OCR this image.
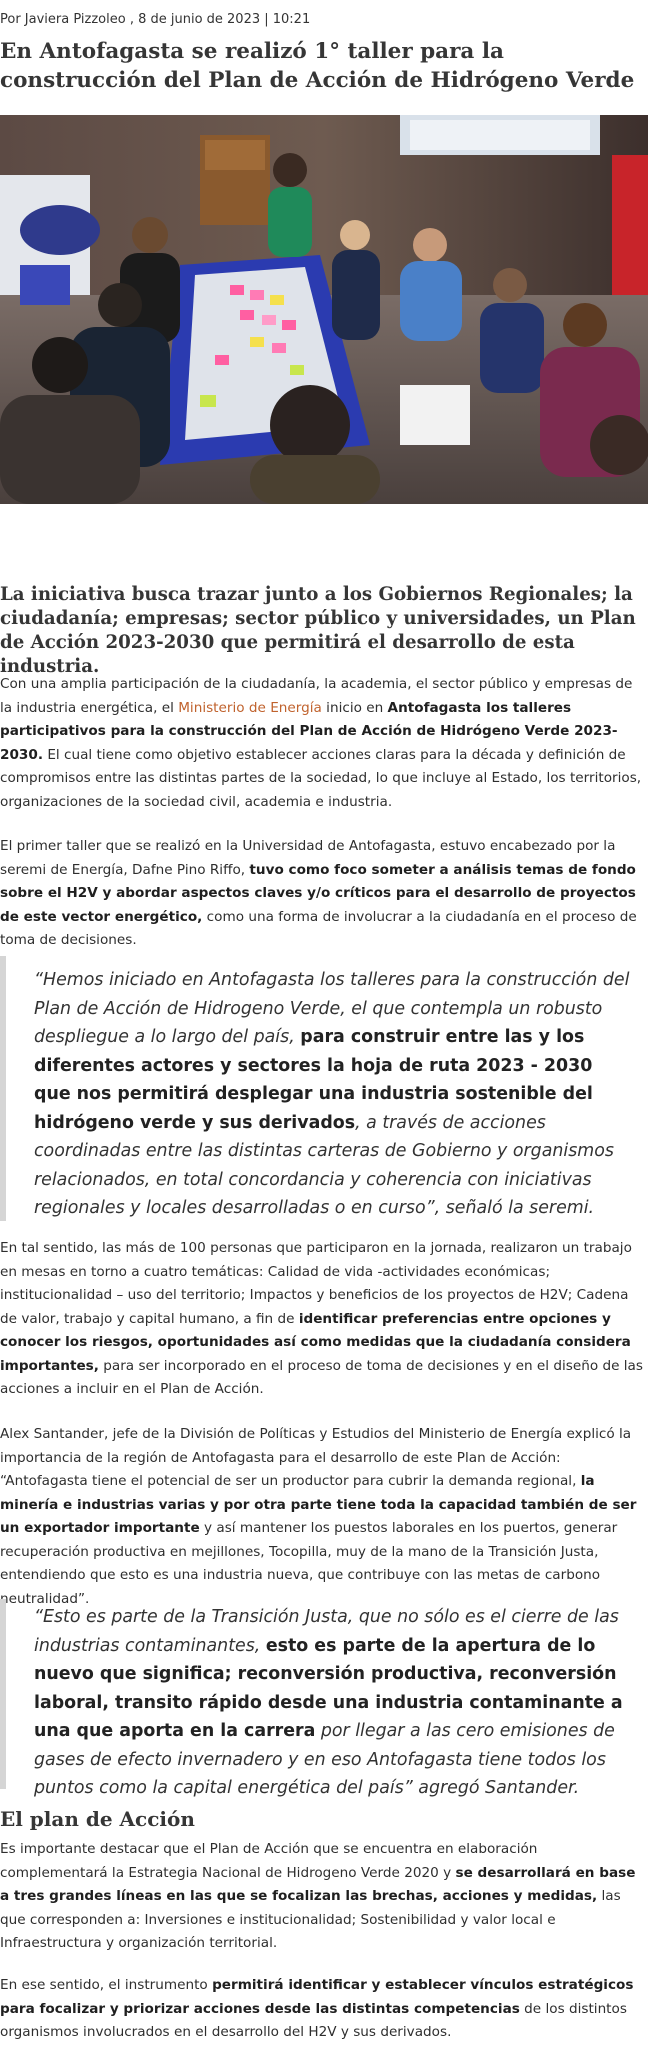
Por Javiera Pizzoleo , 8 de junio de 2023 | 10:21
En Antofagasta se realizó 1° taller para la construcción del Plan de Acción de Hidrógeno Verde
La iniciativa busca trazar junto a los Gobiernos Regionales; la ciudadanía; empresas; sector público y universidades, un Plan de Acción 2023-2030 que permitirá el desarrollo de esta industria.

Con una amplia participación de la ciudadanía, la academia, el sector público y empresas de la industria energética, el Ministerio de Energía inicio en Antofagasta los talleres participativos para la construcción del Plan de Acción de Hidrógeno Verde 2023-2030. El cual tiene como objetivo establecer acciones claras para la década y definición de compromisos entre las distintas partes de la sociedad, lo que incluye al Estado, los territorios, organizaciones de la sociedad civil, academia e industria.

El primer taller que se realizó en la Universidad de Antofagasta, estuvo encabezado por la seremi de Energía, Dafne Pino Riffo, tuvo como foco someter a análisis temas de fondo sobre el H2V y abordar aspectos claves y/o críticos para el desarrollo de proyectos de este vector energético, como una forma de involucrar a la ciudadanía en el proceso de toma de decisiones.

“Hemos iniciado en Antofagasta los talleres para la construcción del Plan de Acción de Hidrogeno Verde, el que contempla un robusto despliegue a lo largo del país, para construir entre las y los diferentes actores y sectores la hoja de ruta 2023 - 2030 que nos permitirá desplegar una industria sostenible del hidrógeno verde y sus derivados, a través de acciones coordinadas entre las distintas carteras de Gobierno y organismos relacionados, en total concordancia y coherencia con iniciativas regionales y locales desarrolladas o en curso”, señaló la seremi.

En tal sentido, las más de 100 personas que participaron en la jornada, realizaron un trabajo en mesas en torno a cuatro temáticas: Calidad de vida -actividades económicas; institucionalidad – uso del territorio; Impactos y beneficios de los proyectos de H2V; Cadena de valor, trabajo y capital humano, a fin de identificar preferencias entre opciones y conocer los riesgos, oportunidades así como medidas que la ciudadanía considera importantes, para ser incorporado en el proceso de toma de decisiones y en el diseño de las acciones a incluir en el Plan de Acción.

Alex Santander, jefe de la División de Políticas y Estudios del Ministerio de Energía explicó la importancia de la región de Antofagasta para el desarrollo de este Plan de Acción: “Antofagasta tiene el potencial de ser un productor para cubrir la demanda regional, la minería e industrias varias y por otra parte tiene toda la capacidad también de ser un exportador importante y así mantener los puestos laborales en los puertos, generar recuperación productiva en mejillones, Tocopilla, muy de la mano de la Transición Justa, entendiendo que esto es una industria nueva, que contribuye con las metas de carbono neutralidad”.

“Esto es parte de la Transición Justa, que no sólo es el cierre de las industrias contaminantes, esto es parte de la apertura de lo nuevo que significa; reconversión productiva, reconversión laboral, transito rápido desde una industria contaminante a una que aporta en la carrera por llegar a las cero emisiones de gases de efecto invernadero y en eso Antofagasta tiene todos los puntos como la capital energética del país” agregó Santander.
El plan de Acción

Es importante destacar que el Plan de Acción que se encuentra en elaboración complementará la Estrategia Nacional de Hidrogeno Verde 2020 y se desarrollará en base a tres grandes líneas en las que se focalizan las brechas, acciones y medidas, las que corresponden a: Inversiones e institucionalidad; Sostenibilidad y valor local e Infraestructura y organización territorial.

En ese sentido, el instrumento permitirá identificar y establecer vínculos estratégicos para focalizar y priorizar acciones desde las distintas competencias de los distintos organismos involucrados en el desarrollo del H2V y sus derivados.
